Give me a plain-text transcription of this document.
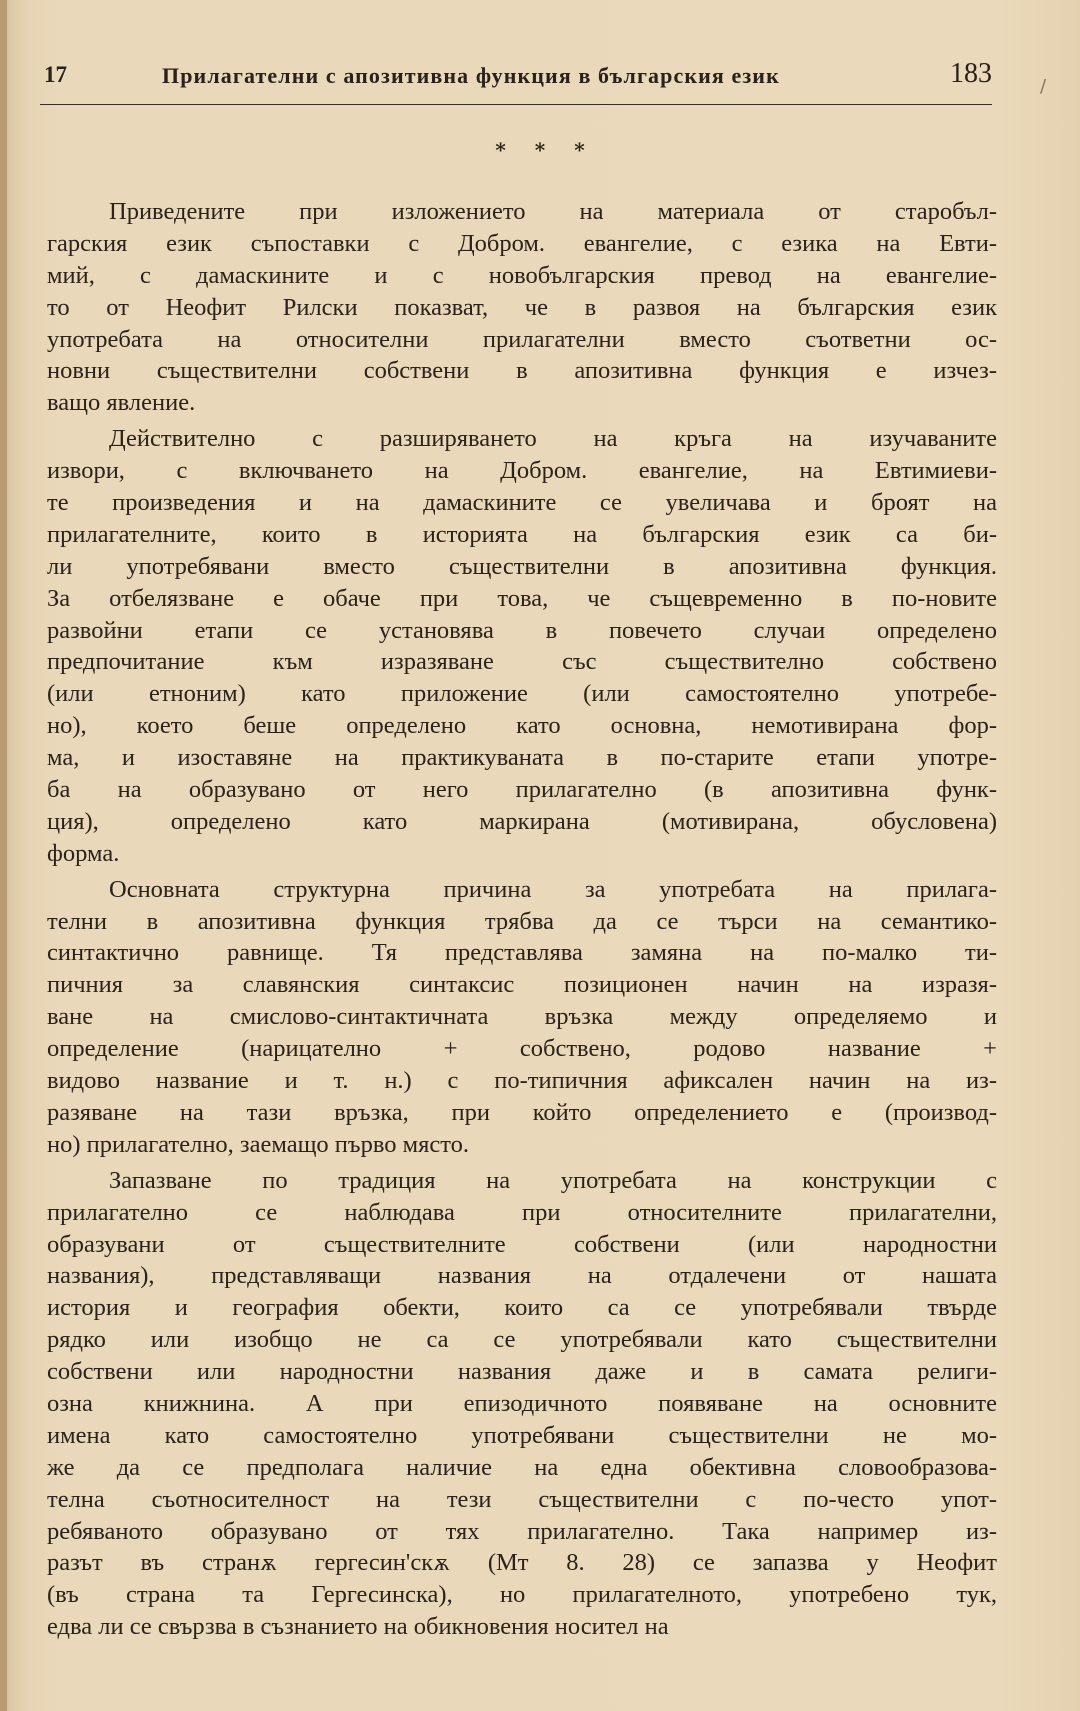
17	Прилагателни с апозитивна функция в българския език	183	/
* * *
Приведените при изложението на материала от старобъл-
гарския език съпоставки с Добром. евангелие, с езика на Евти-
мий, с дамаскините и с новобългарския превод на евангелие-
то от Неофит Рилски показват, че в развоя на българския език
употребата на относителни прилагателни вместо съответни ос-
новни съществителни собствени в апозитивна функция е изчез-
ващо явление.
Действително с разширяването на кръга на изучаваните
извори, с включването на Добром. евангелие, на Евтимиеви-
те произведения и на дамаскините се увеличава и броят на
прилагателните, които в историята на българския език са би-
ли употребявани вместо съществителни в апозитивна функция.
За отбелязване е обаче при това, че същевременно в по-новите
развойни етапи се установява в повечето случаи определено
предпочитание към изразяване със съществително собствено
(или етноним) като приложение (или самостоятелно употребе-
но), което беше определено като основна, немотивирана фор-
ма, и изоставяне на практикуваната в по-старите етапи употре-
ба на образувано от него прилагателно (в апозитивна функ-
ция), определено като маркирана (мотивирана, обусловена)
форма.
Основната структурна причина за употребата на прилага-
телни в апозитивна функция трябва да се търси на семантико-
синтактично равнище. Тя представлява замяна на по-малко ти-
пичния за славянския синтаксис позиционен начин на изразя-
ване на смислово-синтактичната връзка между определяемо и
определение (нарицателно + собствено, родово название +
видово название и т. н.) с по-типичния афиксален начин на из-
разяване на тази връзка, при който определението е (производ-
но) прилагателно, заемащо първо място.
Запазване по традиция на употребата на конструкции с
прилагателно се наблюдава при относителните прилагателни,
образувани от съществителните собствени (или народностни
названия), представляващи названия на отдалечени от нашата
история и география обекти, които са се употребявали твърде
рядко или изобщо не са се употребявали като съществителни
собствени или народностни названия даже и в самата религи-
озна книжнина. А при епизодичното появяване на основните
имена като самостоятелно употребявани съществителни не мо-
же да се предполага наличие на една обективна словообразова-
телна съотносителност на тези съществителни с по-често упот-
ребяваното образувано от тях прилагателно. Така например из-
разът въ странѫ гергесин'скѫ (Мт 8. 28) се запазва у Неофит
(въ страна та Гергесинска), но прилагателното, употребено тук,
едва ли се свързва в съзнанието на обикновения носител на
